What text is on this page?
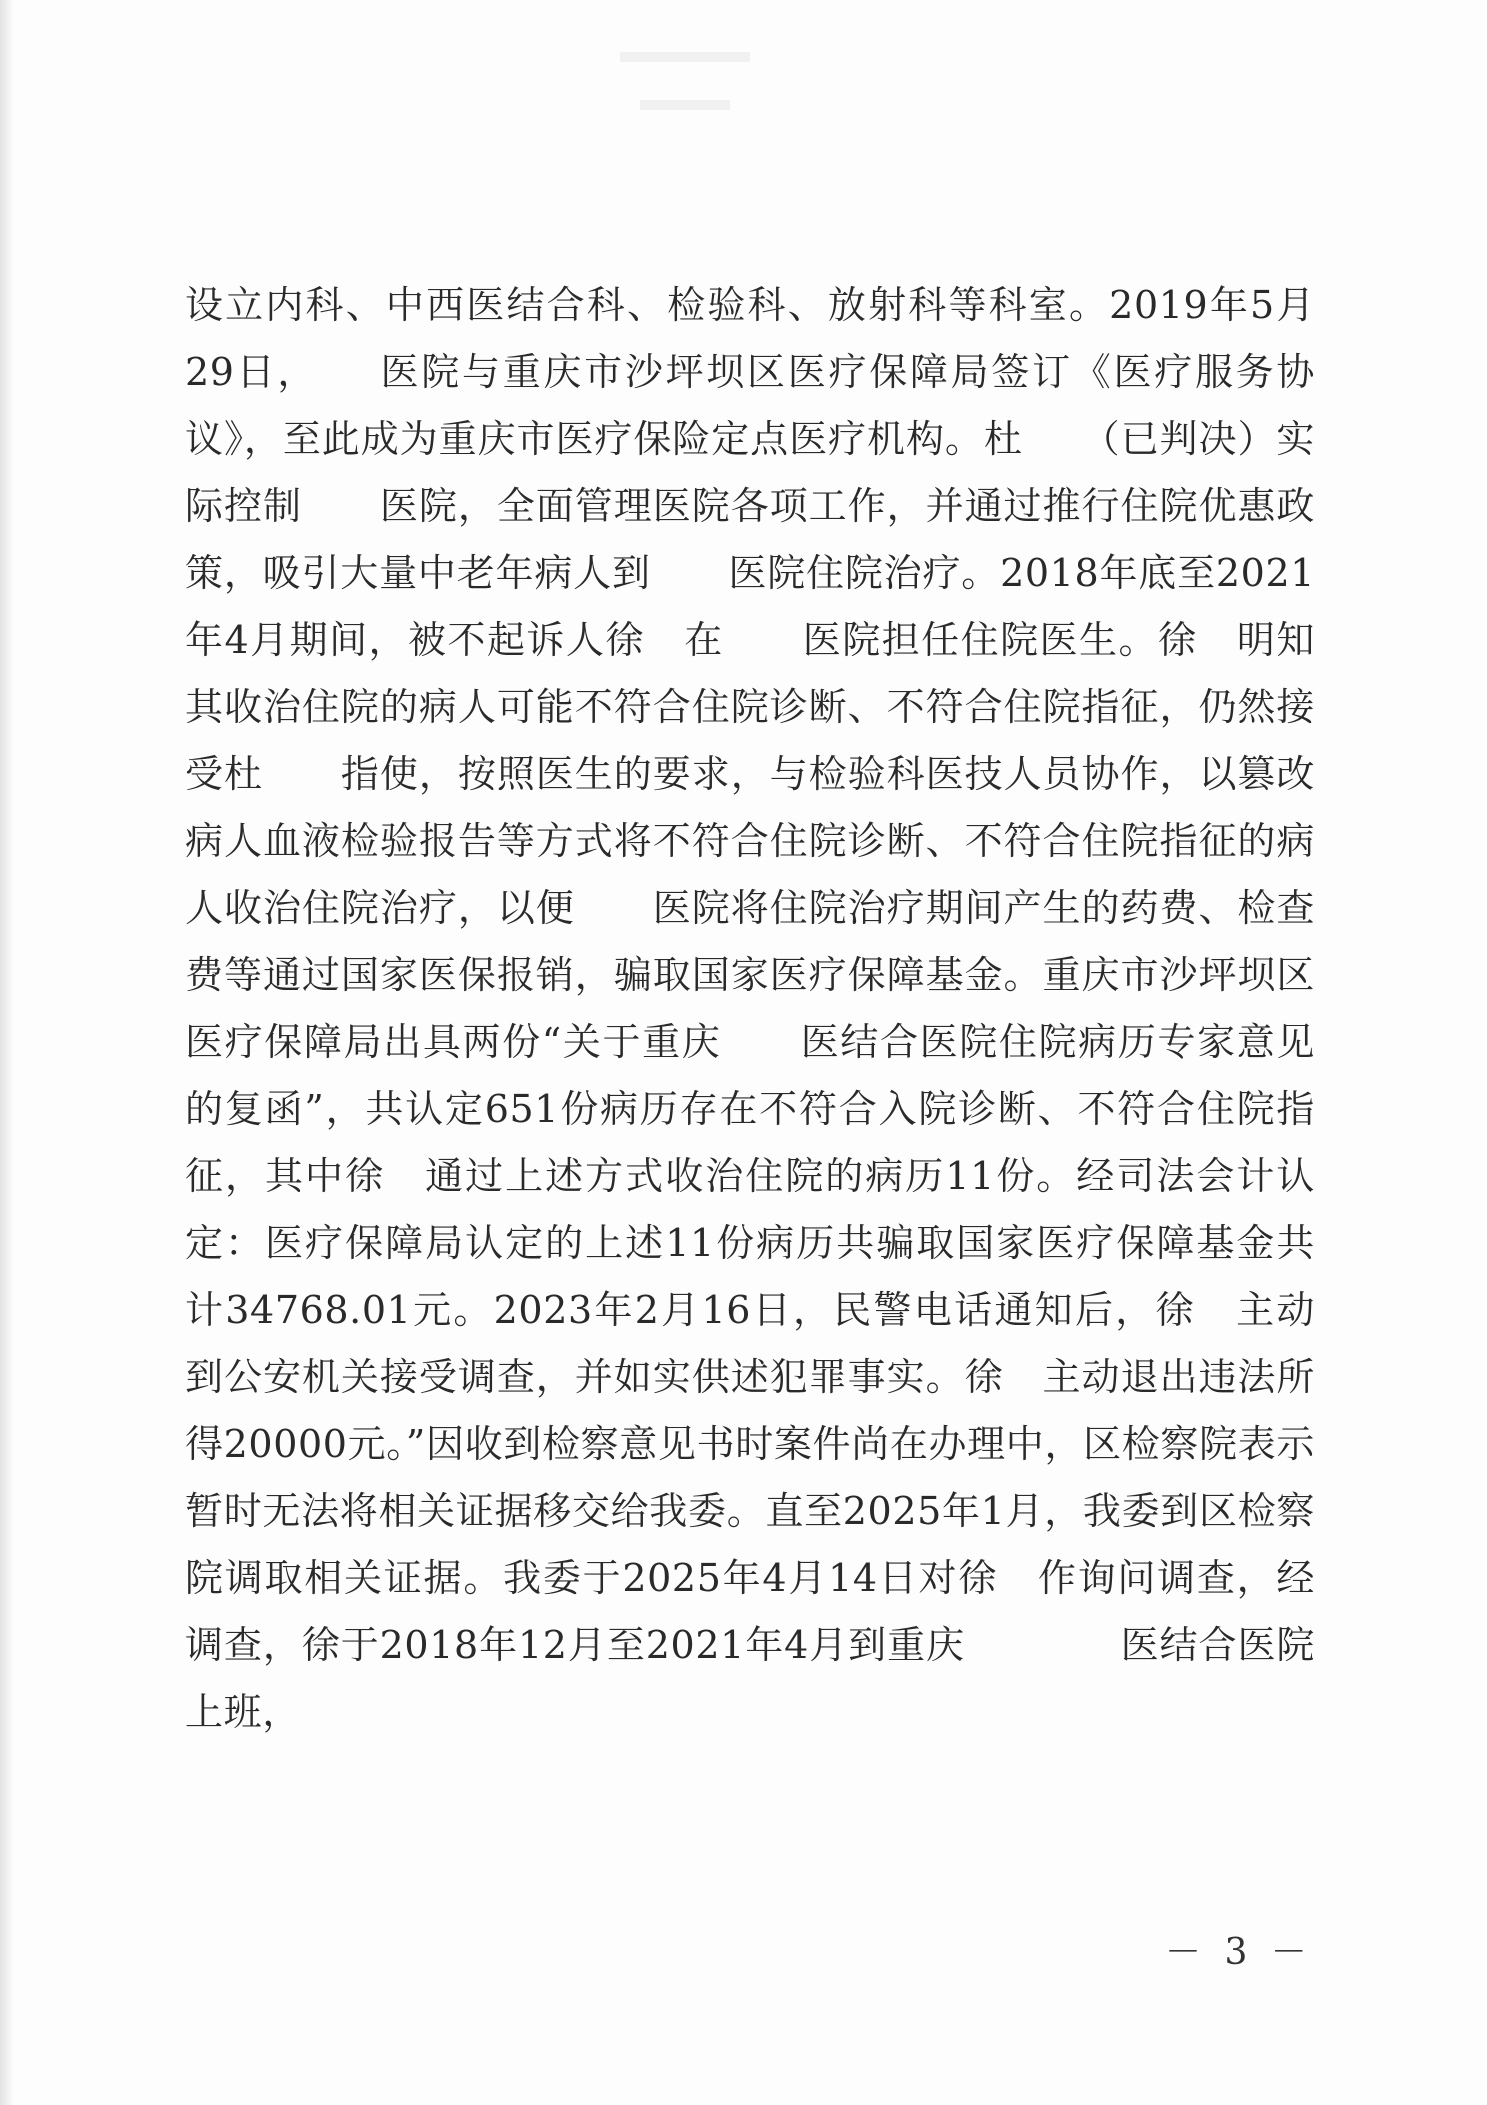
设立内科、中西医结合科、检验科、放射科等科室。2019年5月29日，　　医院与重庆市沙坪坝区医疗保障局签订《医疗服务协议》，至此成为重庆市医疗保险定点医疗机构。杜　　（已判决）实际控制　　医院，全面管理医院各项工作，并通过推行住院优惠政策，吸引大量中老年病人到　　医院住院治疗。2018年底至2021年4月期间，被不起诉人徐　在　　医院担任住院医生。徐　明知其收治住院的病人可能不符合住院诊断、不符合住院指征，仍然接受杜　　指使，按照医生的要求，与检验科医技人员协作，以篡改病人血液检验报告等方式将不符合住院诊断、不符合住院指征的病人收治住院治疗，以便　　医院将住院治疗期间产生的药费、检查费等通过国家医保报销，骗取国家医疗保障基金。重庆市沙坪坝区医疗保障局出具两份“关于重庆　　医结合医院住院病历专家意见的复函”，共认定651份病历存在不符合入院诊断、不符合住院指征，其中徐　通过上述方式收治住院的病历11份。经司法会计认定：医疗保障局认定的上述11份病历共骗取国家医疗保障基金共计34768.01元。2023年2月16日，民警电话通知后，徐　主动到公安机关接受调查，并如实供述犯罪事实。徐　主动退出违法所得20000元。”因收到检察意见书时案件尚在办理中，区检察院表示暂时无法将相关证据移交给我委。直至2025年1月，我委到区检察院调取相关证据。我委于2025年4月14日对徐　作询问调查，经调查，徐于2018年12月至2021年4月到重庆　　　　医结合医院上班，

－ 3 －
